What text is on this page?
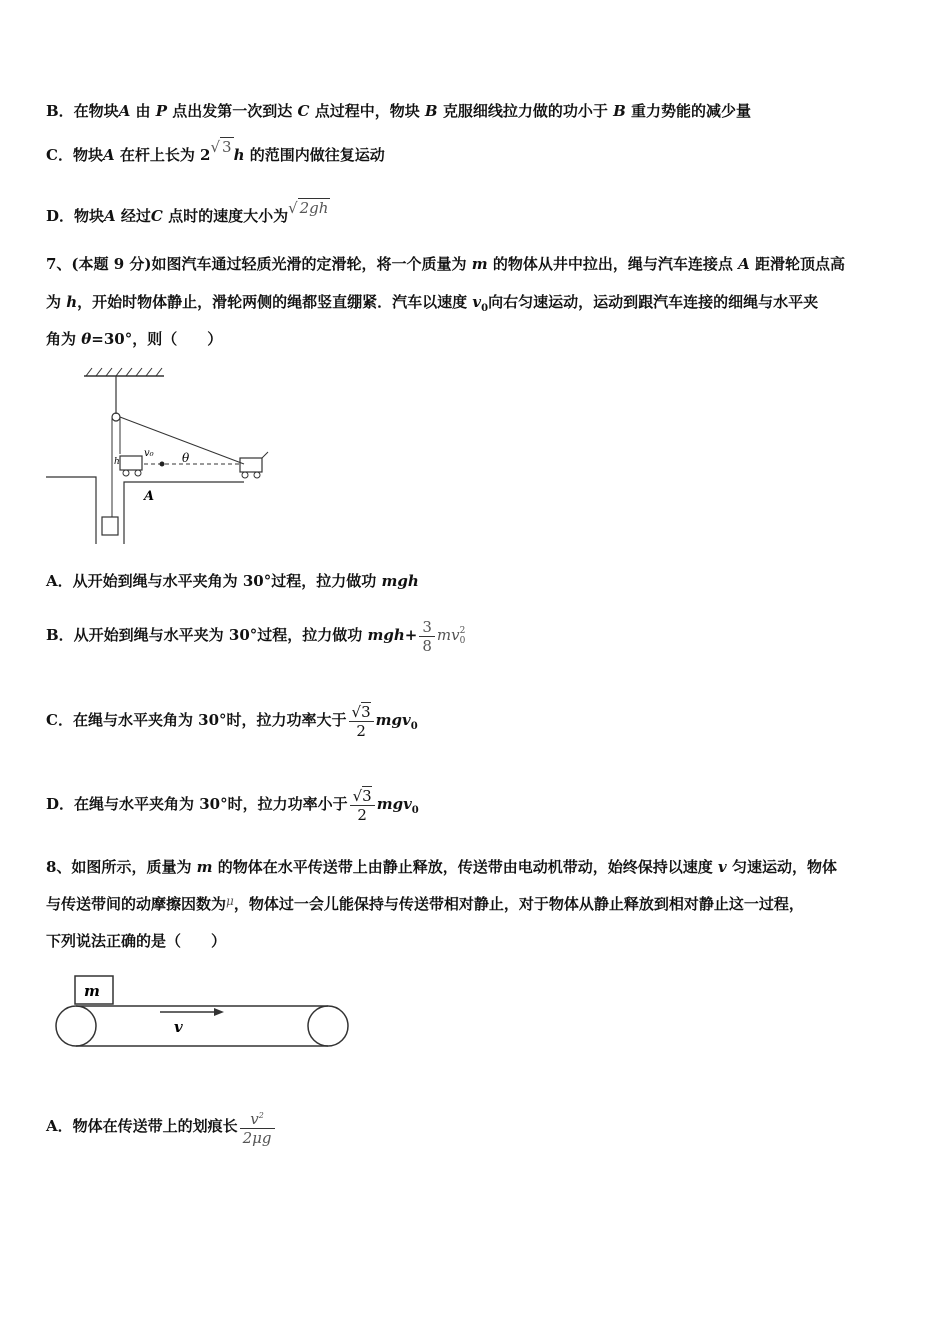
B．在物块A 由 P 点出发第一次到达 C 点过程中，物块 B 克服细线拉力做的功小于 B 重力势能的减少量
C．物块A 在杆上长为 2√ 3 h 的范围内做往复运动
D．物块A 经过C 点时的速度大小为√ 2gh
7、(本题 9 分)如图汽车通过轻质光滑的定滑轮，将一个质量为 m 的物体从井中拉出，绳与汽车连接点 A 距滑轮顶点高
为 h，开始时物体静止，滑轮两侧的绳都竖直绷紧．汽车以速度 $v_0$向右匀速运动，运动到跟汽车连接的细绳与水平夹
角为 θ=30°，则（　　）
v₀ θ
h
A
A．从开始到绳与水平夹角为 30°过程，拉力做功 mgh
B．从开始到绳与水平夹为 30°过程，拉力做功 $mgh+ \frac{3}{8}$ mv 2
0
C．在绳与水平夹角为 30°时，拉力功率大于 $\frac{√3}{2} mgv_0$
D．在绳与水平夹角为 30°时，拉力功率小于 $\frac{√3}{2} mgv_0$
8、如图所示，质量为 m 的物体在水平传送带上由静止释放，传送带由电动机带动，始终保持以速度 v 匀速运动，物体
与传送带间的动摩擦因数为$^\mu$，物体过一会儿能保持与传送带相对静止，对于物体从静止释放到相对静止这一过程，
下列说法正确的是（　　）
m
v
A．物体在传送带上的划痕长 $\frac{v^2}{2\mu g}$
